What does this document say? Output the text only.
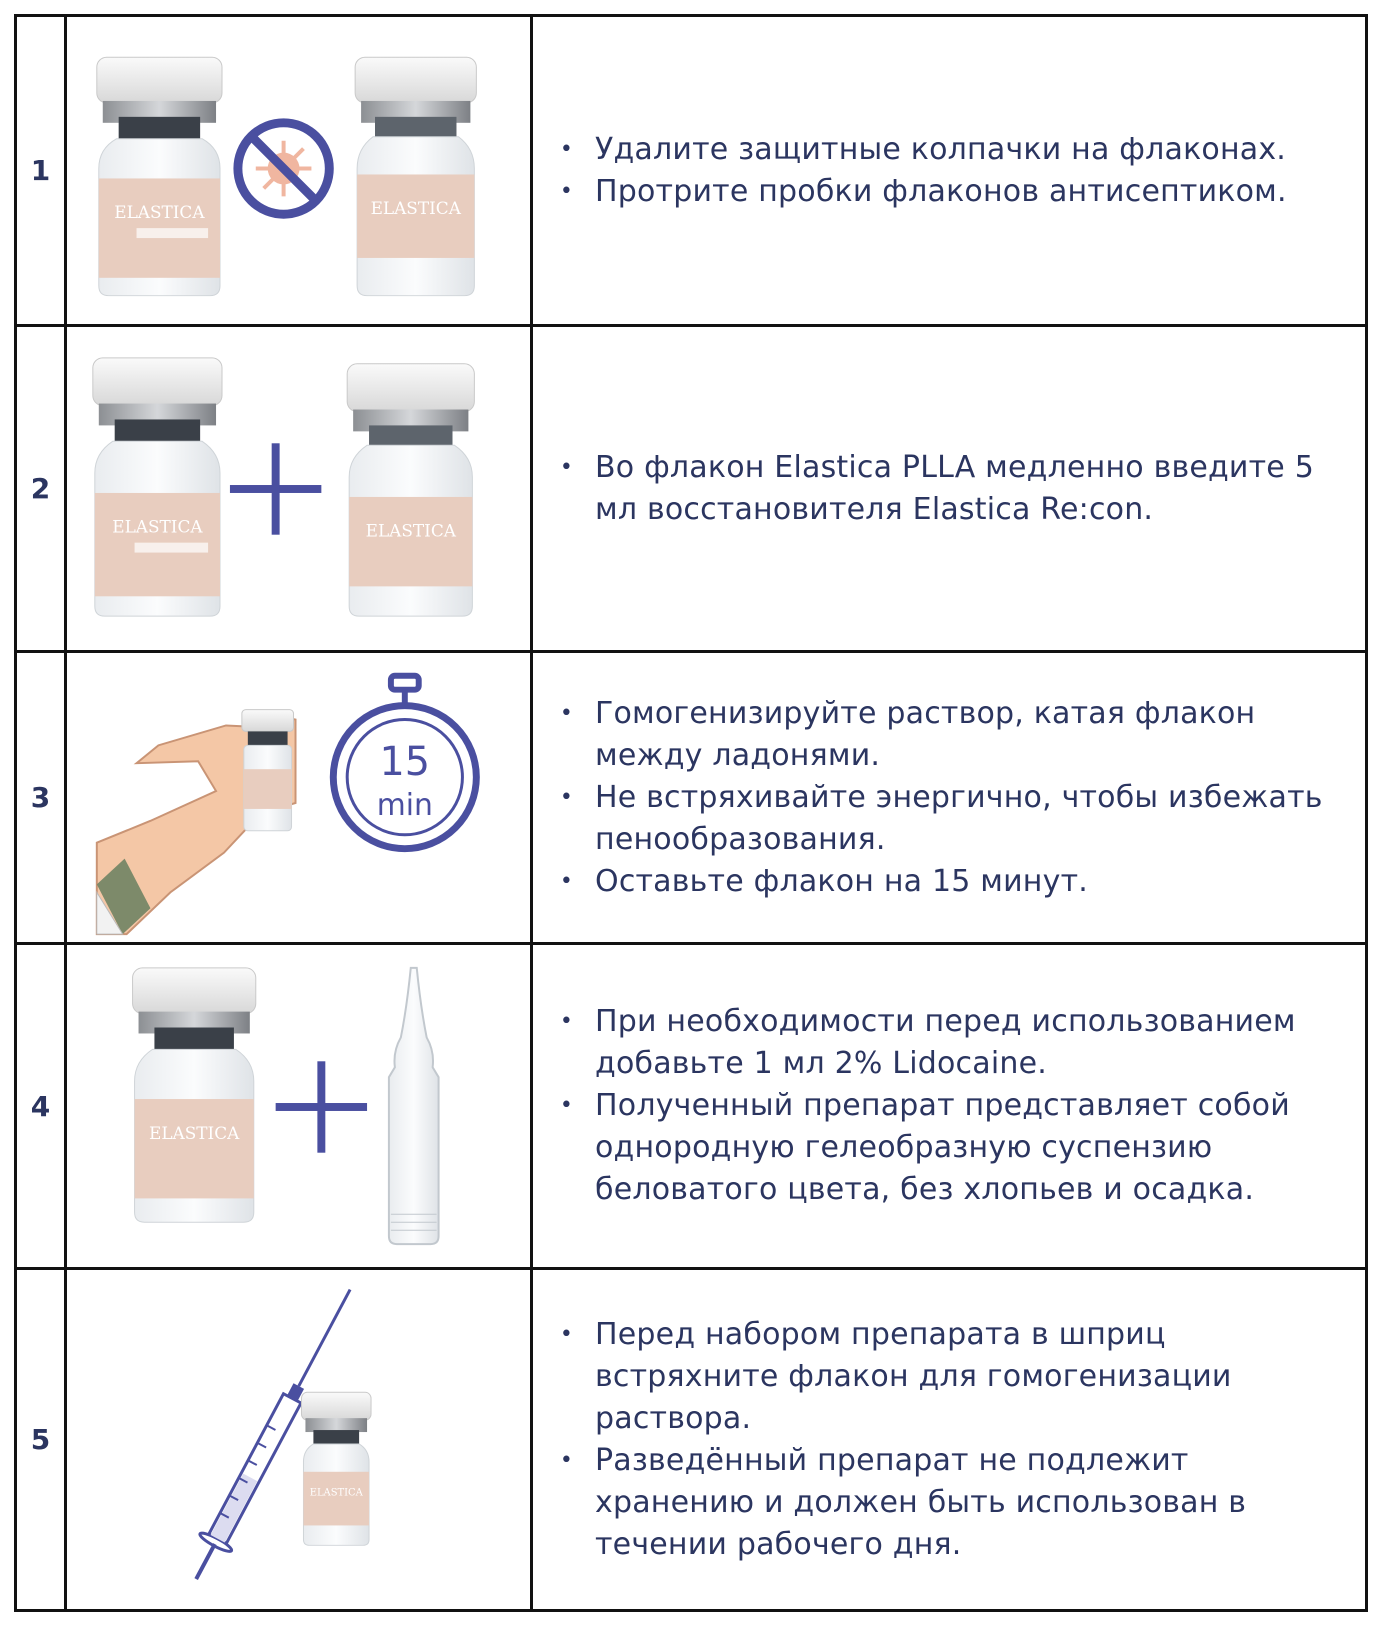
1
ELASTICA	ELASTICA
• Удалите защитные колпачки на флаконах.
• Протрите пробки флаконов антисептиком.
2
ELASTICA	ELASTICA
• Во флакон Elastica PLLA медленно введите 5 мл восстановителя Elastica Re:con.
3
15
min
• Гомогенизируйте раствор, катая флакон между ладонями.
• Не встряхивайте энергично, чтобы избежать пенообразования.
• Оставьте флакон на 15 минут.
4
ELASTICA
• При необходимости перед использованием добавьте 1 мл 2% Lidocaine.
• Полученный препарат представляет собой однородную гелеобразную суспензию беловатого цвета, без хлопьев и осадка.
5
ELASTICA
• Перед набором препарата в шприц встряхните флакон для гомогенизации раствора.
• Разведённый препарат не подлежит хранению и должен быть использован в течении рабочего дня.
